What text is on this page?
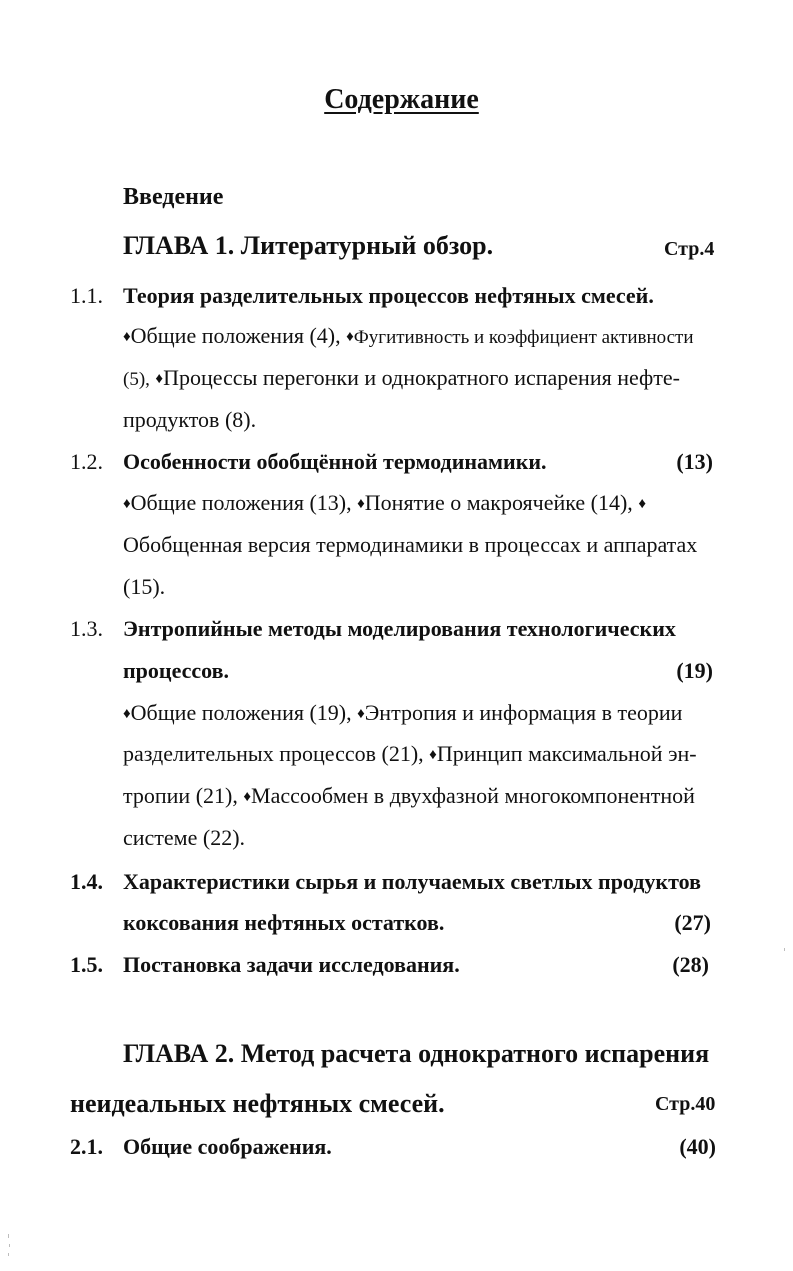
Содержание
Введение
ГЛАВА 1. Литературный обзор.	Стр.4
1.1. Теория разделительных процессов нефтяных смесей.
♦Общие положения (4), ♦Фугитивность и коэффициент активности
(5), ♦Процессы перегонки и однократного испарения нефте-
продуктов (8).
1.2. Особенности обобщённой термодинамики.	(13)
♦Общие положения (13), ♦Понятие о макроячейке (14), ♦
Обобщенная версия термодинамики в процессах и аппаратах
(15).
1.3. Энтропийные методы моделирования технологических
процессов.	(19)
♦Общие положения (19), ♦Энтропия и информация в теории
разделительных процессов (21), ♦Принцип максимальной эн-
тропии (21), ♦Массообмен в двухфазной многокомпонентной
системе (22).
1.4. Характеристики сырья и получаемых светлых продуктов
коксования нефтяных остатков.	(27)
1.5. Постановка задачи исследования.	(28)
ГЛАВА 2. Метод расчета однократного испарения
неидеальных нефтяных смесей.	Стр.40
2.1. Общие соображения.	(40)
